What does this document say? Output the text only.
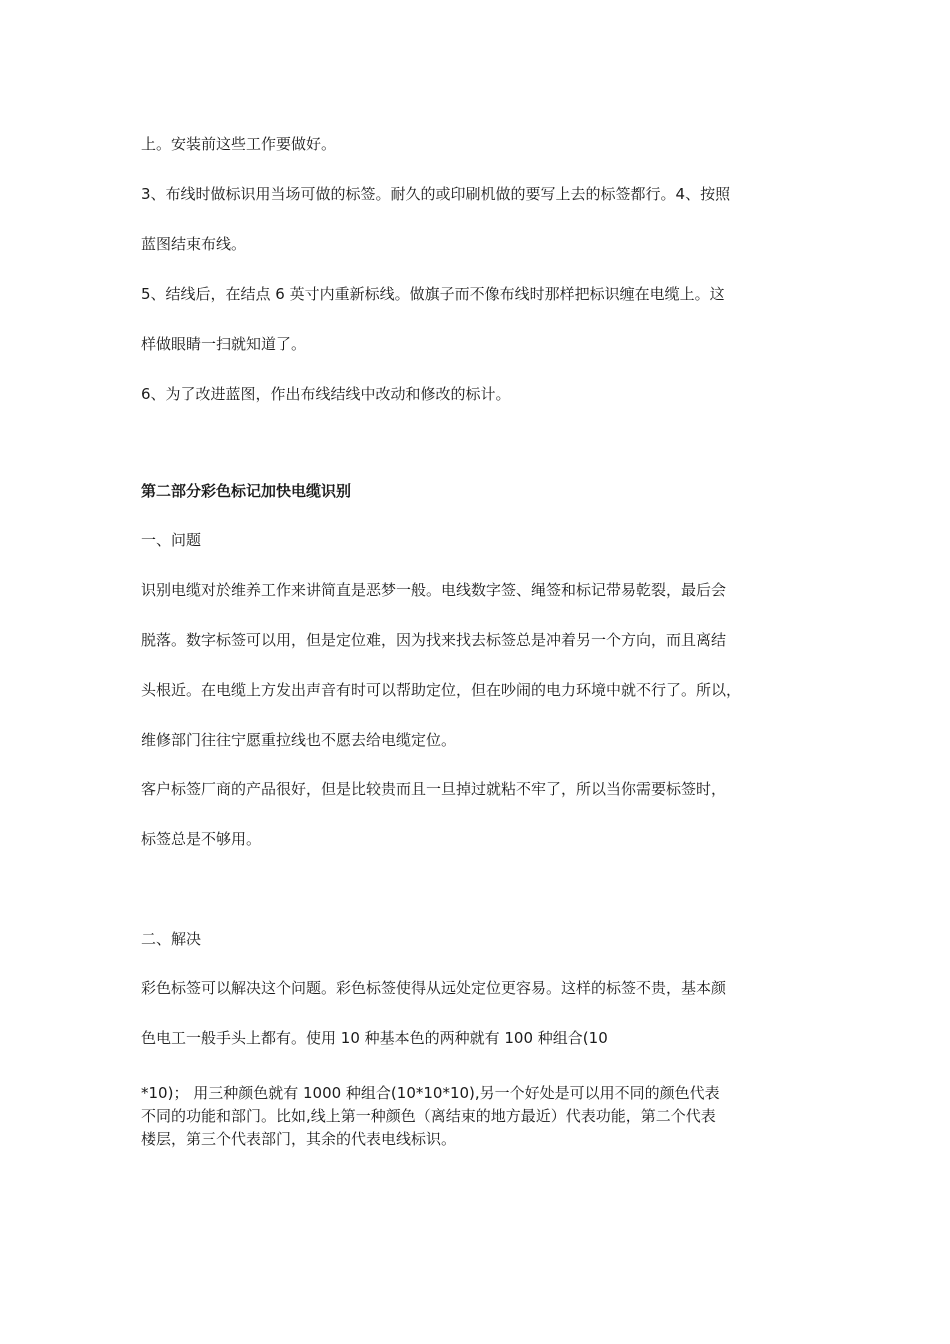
上。安装前这些工作要做好。
3、布线时做标识用当场可做的标签。耐久的或印刷机做的要写上去的标签都行。4、按照
蓝图结束布线。
5、结线后，在结点 6 英寸内重新标线。做旗子而不像布线时那样把标识缠在电缆上。这
样做眼睛一扫就知道了。
6、为了改进蓝图，作出布线结线中改动和修改的标计。
第二部分彩色标记加快电缆识别
一、问题
识别电缆对於维养工作来讲简直是恶梦一般。电线数字签、绳签和标记带易乾裂，最后会
脱落。数字标签可以用，但是定位难，因为找来找去标签总是冲着另一个方向，而且离结
头根近。在电缆上方发出声音有时可以帮助定位，但在吵闹的电力环境中就不行了。所以，
维修部门往往宁愿重拉线也不愿去给电缆定位。
客户标签厂商的产品很好，但是比较贵而且一旦掉过就粘不牢了，所以当你需要标签时，
标签总是不够用。
二、解决
彩色标签可以解决这个问题。彩色标签使得从远处定位更容易。这样的标签不贵，基本颜
色电工一般手头上都有。使用 10 种基本色的两种就有 100 种组合(10
*10)； 用三种颜色就有 1000 种组合(10*10*10),另一个好处是可以用不同的颜色代表
不同的功能和部门。比如,线上第一种颜色（离结束的地方最近）代表功能，第二个代表
楼层，第三个代表部门，其余的代表电线标识。
